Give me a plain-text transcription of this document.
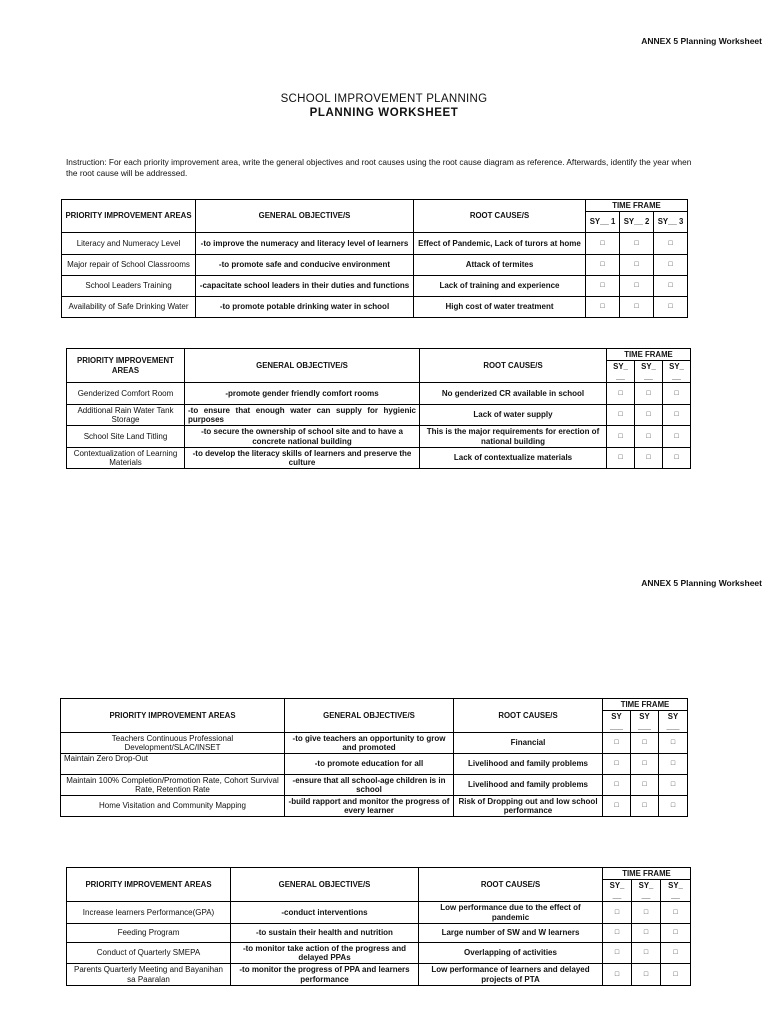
ANNEX 5 Planning Worksheet
SCHOOL IMPROVEMENT PLANNING
PLANNING WORKSHEET
Instruction: For each priority improvement area, write the general objectives and root causes using the root cause diagram as reference. Afterwards, identify the year when the root cause will be addressed.
PRIORITY IMPROVEMENT AREAS	GENERAL OBJECTIVE/S	ROOT CAUSE/S	TIME FRAME		
			SY__ 1	SY__ 2	SY__ 3
Literacy and Numeracy Level	-to improve the numeracy and literacy level of learners	Effect of Pandemic, Lack of turors at home	□	□	□
Major repair of School Classrooms	-to promote safe and conducive environment	Attack of termites	□	□	□
School Leaders Training	-capacitate school leaders in their duties and functions	Lack of training and experience	□	□	□
Availability of Safe Drinking Water	-to promote potable drinking water in school	High cost of water treatment	□	□	□
PRIORITY IMPROVEMENT AREAS	GENERAL OBJECTIVE/S	ROOT CAUSE/S	TIME FRAME		
			SY_ __	SY_ __	SY_ __
Genderized Comfort Room	-promote gender friendly comfort rooms	No genderized CR available in school	□	□	□
Additional Rain Water Tank Storage	-to ensure that enough water can supply for hygienic purposes	Lack of water supply	□	□	□
School Site Land Titling	-to secure the ownership of school site and to have a concrete national building	This is the major requirements for erection of national building	□	□	□
Contextualization of Learning Materials	-to develop the literacy skills of learners and preserve the culture	Lack of contextualize materials	□	□	□
ANNEX 5 Planning Worksheet
PRIORITY IMPROVEMENT AREAS	GENERAL OBJECTIVE/S	ROOT CAUSE/S	TIME FRAME		
			SY ___	SY ___	SY ___
Teachers Continuous Professional Development/SLAC/INSET	-to give teachers an opportunity to grow and promoted	Financial	□	□	□
Maintain Zero Drop-Out	-to promote education for all	Livelihood and family problems	□	□	□
Maintain 100% Completion/Promotion Rate, Cohort Survival Rate, Retention Rate	-ensure that all school-age children is in school	Livelihood and family problems	□	□	□
Home Visitation and Community Mapping	-build rapport and monitor the progress of every learner	Risk of Dropping out and low school performance	□	□	□
PRIORITY IMPROVEMENT AREAS	GENERAL OBJECTIVE/S	ROOT CAUSE/S	TIME FRAME		
			SY_ __	SY_ __	SY_ __
Increase learners Performance(GPA)	-conduct interventions	Low performance due to the effect of pandemic	□	□	□
Feeding Program	-to sustain their health and nutrition	Large number of SW and W learners	□	□	□
Conduct of Quarterly SMEPA	-to monitor take action of the progress and delayed PPAs	Overlapping of activities	□	□	□
Parents Quarterly Meeting and Bayanihan sa Paaralan	-to monitor the progress of PPA and learners performance	Low performance of learners and delayed projects of PTA	□	□	□
